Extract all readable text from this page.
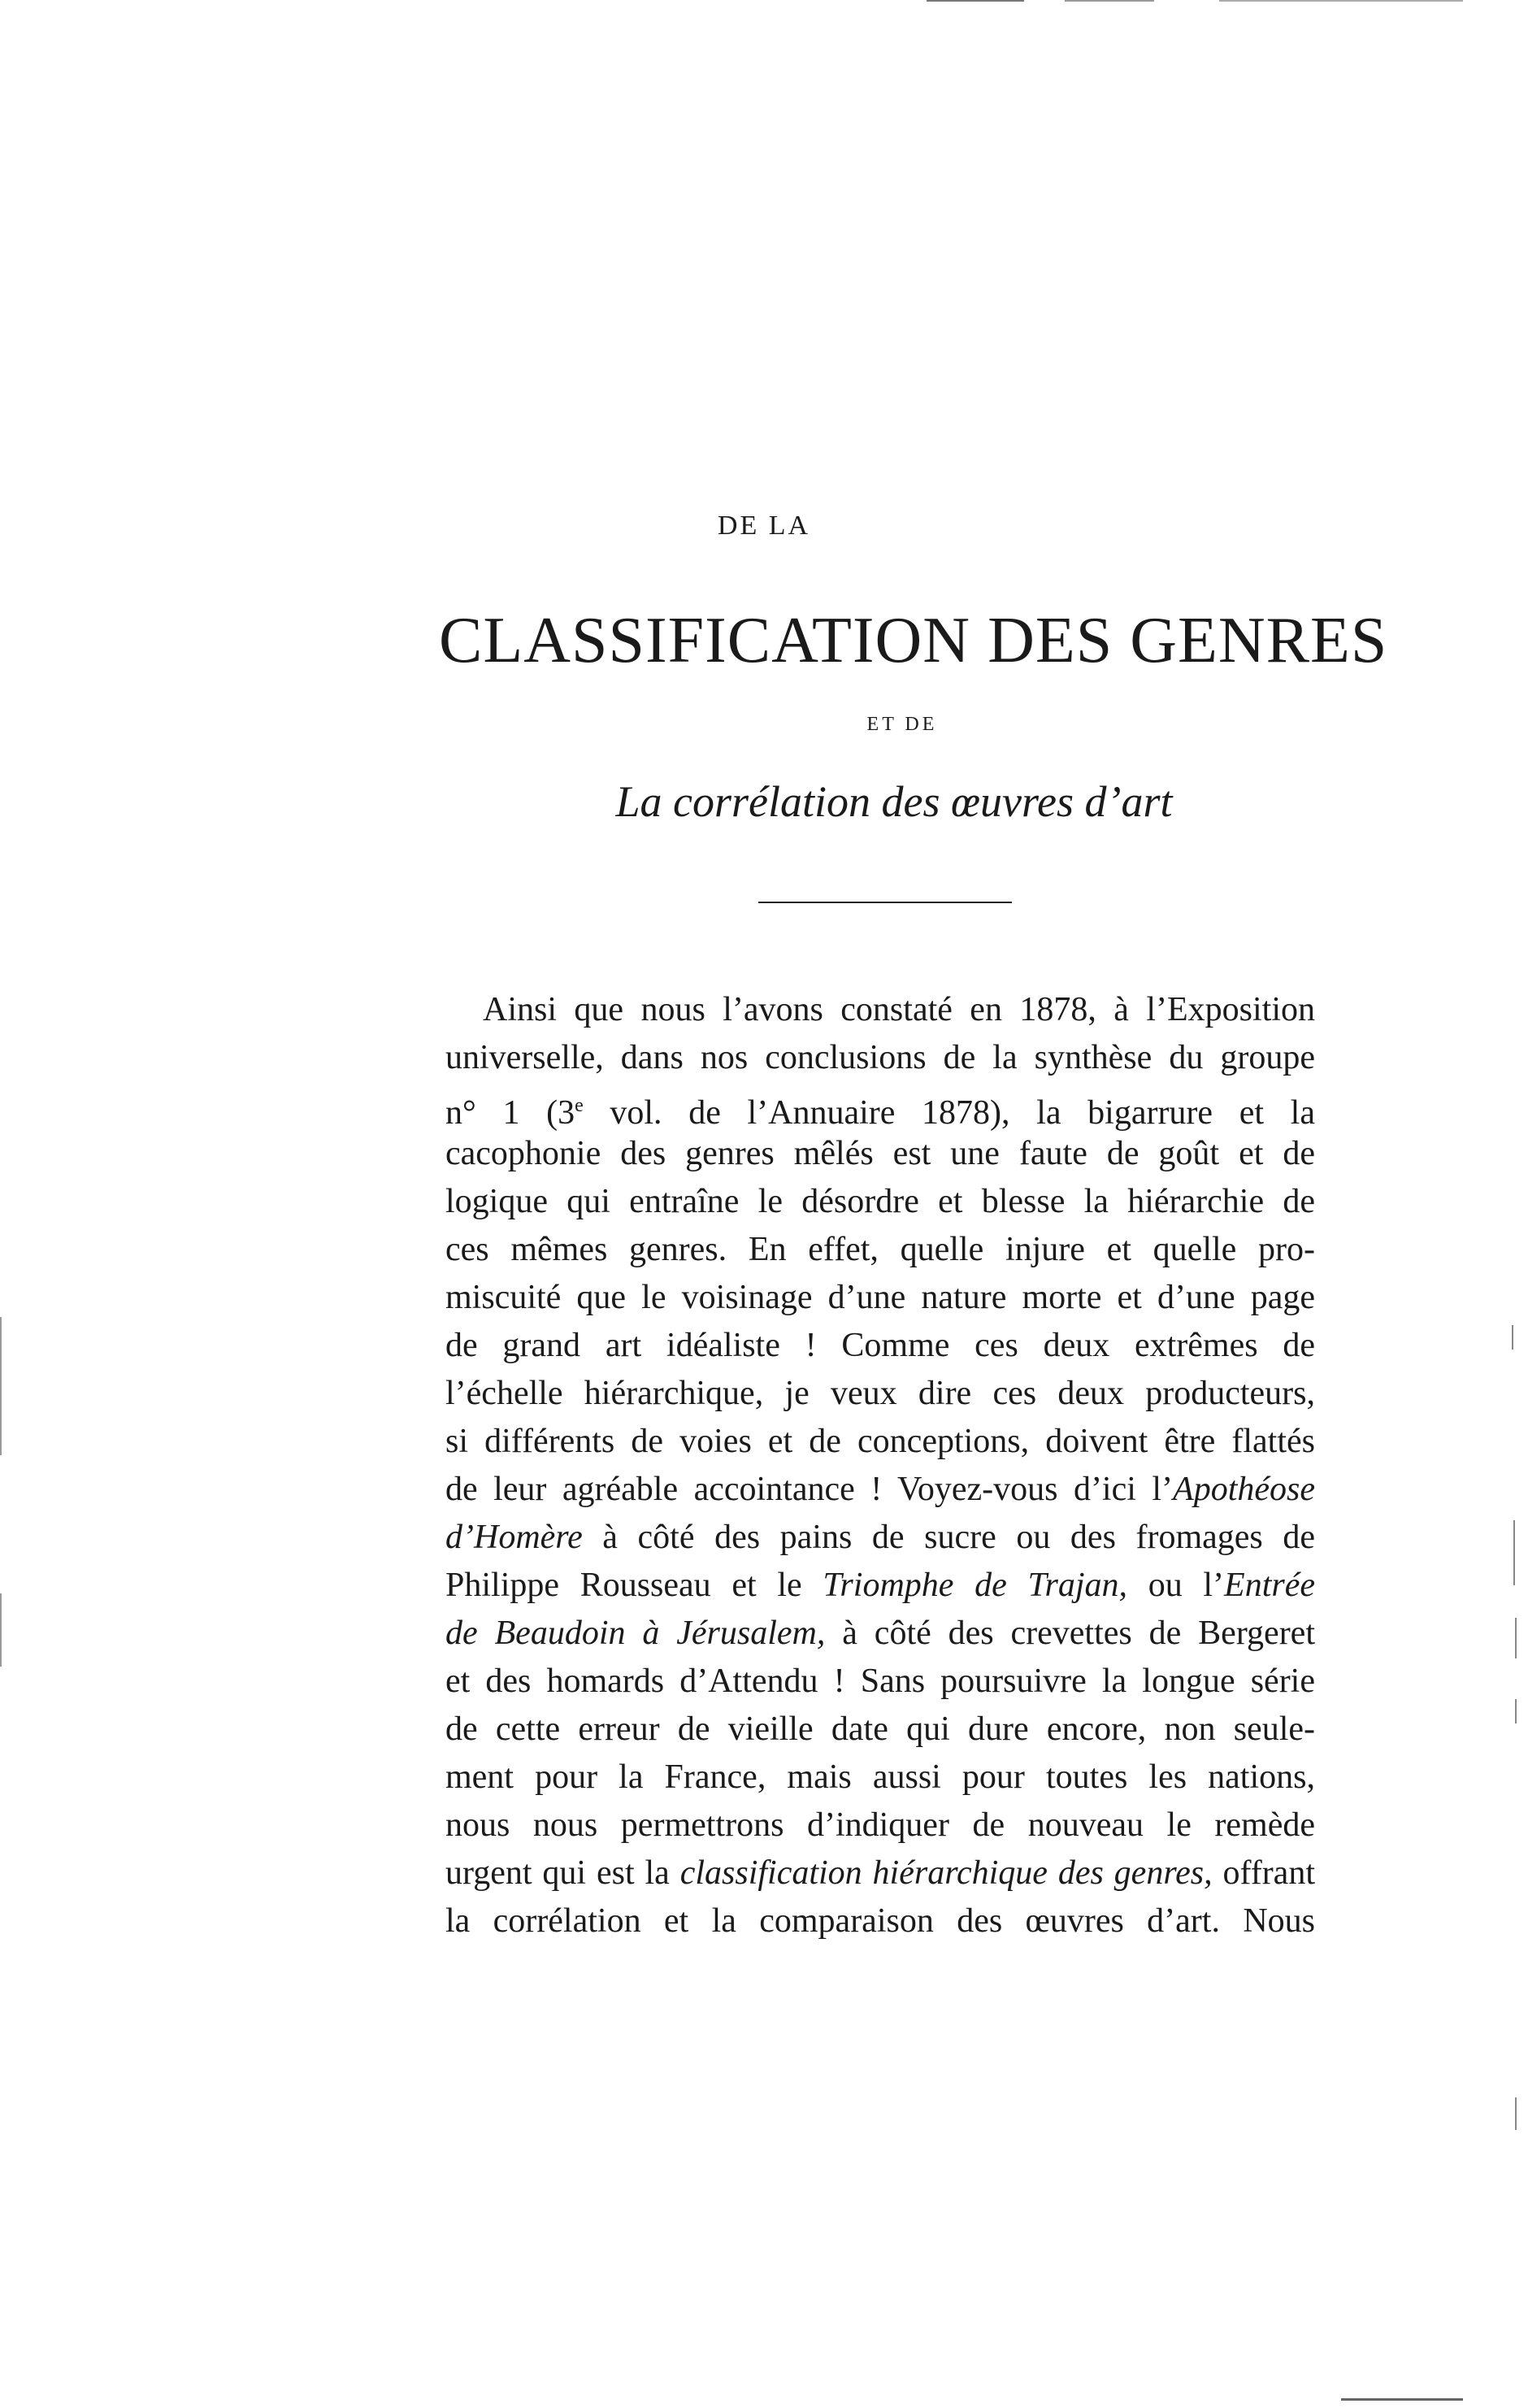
DE LA
CLASSIFICATION DES GENRES
ET DE
La corrélation des œuvres d’art
Ainsi que nous l’avons constaté en 1878, à l’Exposition
universelle, dans nos conclusions de la synthèse du groupe
n° 1 (3e vol. de l’Annuaire 1878), la bigarrure et la
cacophonie des genres mêlés est une faute de goût et de
logique qui entraîne le désordre et blesse la hiérarchie de
ces mêmes genres. En effet, quelle injure et quelle pro-
miscuité que le voisinage d’une nature morte et d’une page
de grand art idéaliste ! Comme ces deux extrêmes de
l’échelle hiérarchique, je veux dire ces deux producteurs,
si différents de voies et de conceptions, doivent être flattés
de leur agréable accointance ! Voyez-vous d’ici l’Apothéose
d’Homère à côté des pains de sucre ou des fromages de
Philippe Rousseau et le Triomphe de Trajan, ou l’Entrée
de Beaudoin à Jérusalem, à côté des crevettes de Bergeret
et des homards d’Attendu ! Sans poursuivre la longue série
de cette erreur de vieille date qui dure encore, non seule-
ment pour la France, mais aussi pour toutes les nations,
nous nous permettrons d’indiquer de nouveau le remède
urgent qui est la classification hiérarchique des genres, offrant
la corrélation et la comparaison des œuvres d’art. Nous
